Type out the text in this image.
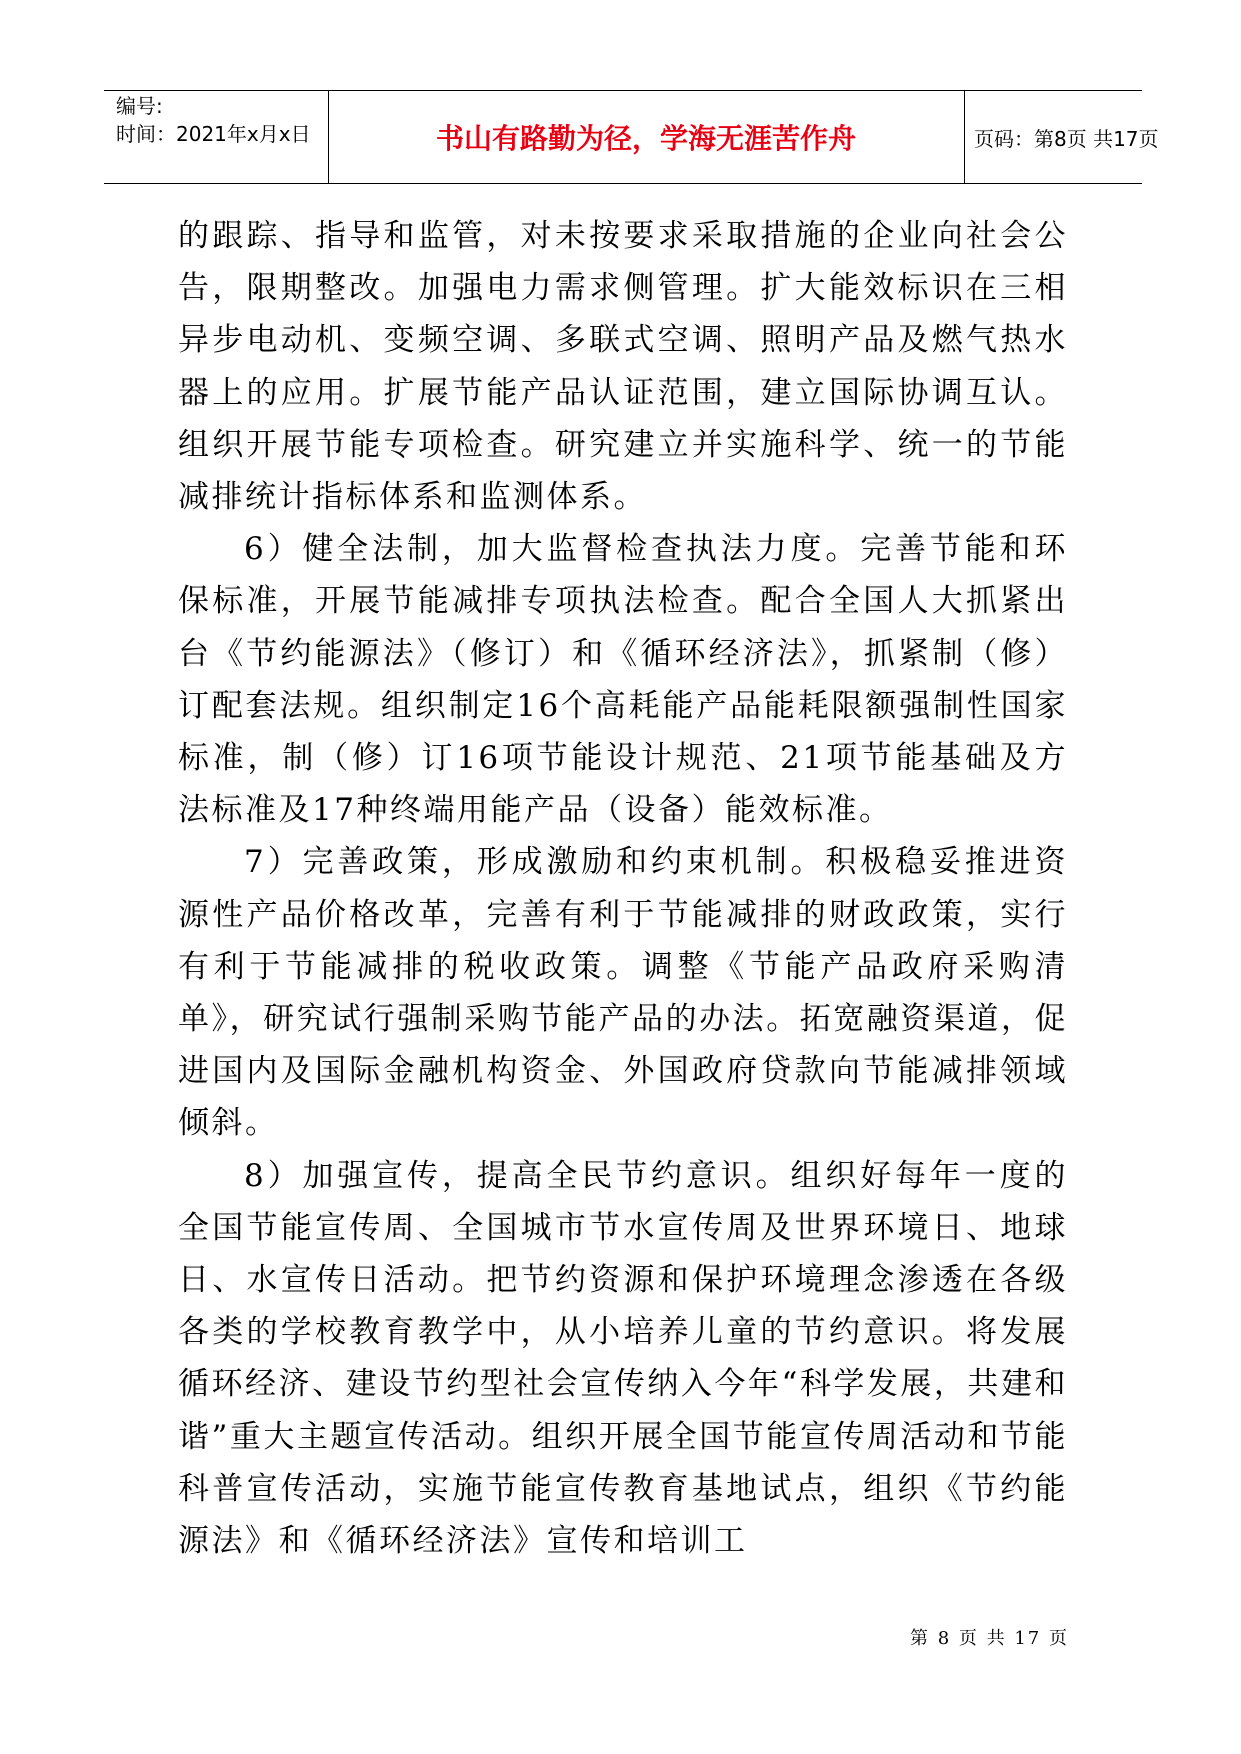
编号:
时间：2021年x月x日	书山有路勤为径，学海无涯苦作舟	页码：第8页 共17页

的跟踪、指导和监管，对未按要求采取措施的企业向社会公告，限期整改。加强电力需求侧管理。扩大能效标识在三相异步电动机、变频空调、多联式空调、照明产品及燃气热水器上的应用。扩展节能产品认证范围，建立国际协调互认。组织开展节能专项检查。研究建立并实施科学、统一的节能减排统计指标体系和监测体系。

6）健全法制，加大监督检查执法力度。完善节能和环保标准，开展节能减排专项执法检查。配合全国人大抓紧出台《节约能源法》（修订）和《循环经济法》，抓紧制（修）订配套法规。组织制定16个高耗能产品能耗限额强制性国家标准，制（修）订16项节能设计规范、21项节能基础及方法标准及17种终端用能产品（设备）能效标准。

7）完善政策，形成激励和约束机制。积极稳妥推进资源性产品价格改革，完善有利于节能减排的财政政策，实行有利于节能减排的税收政策。调整《节能产品政府采购清单》，研究试行强制采购节能产品的办法。拓宽融资渠道，促进国内及国际金融机构资金、外国政府贷款向节能减排领域倾斜。

8）加强宣传，提高全民节约意识。组织好每年一度的全国节能宣传周、全国城市节水宣传周及世界环境日、地球日、水宣传日活动。把节约资源和保护环境理念渗透在各级各类的学校教育教学中，从小培养儿童的节约意识。将发展循环经济、建设节约型社会宣传纳入今年“科学发展，共建和谐”重大主题宣传活动。组织开展全国节能宣传周活动和节能科普宣传活动，实施节能宣传教育基地试点，组织《节约能源法》和《循环经济法》宣传和培训工

第 8 页 共 17 页
